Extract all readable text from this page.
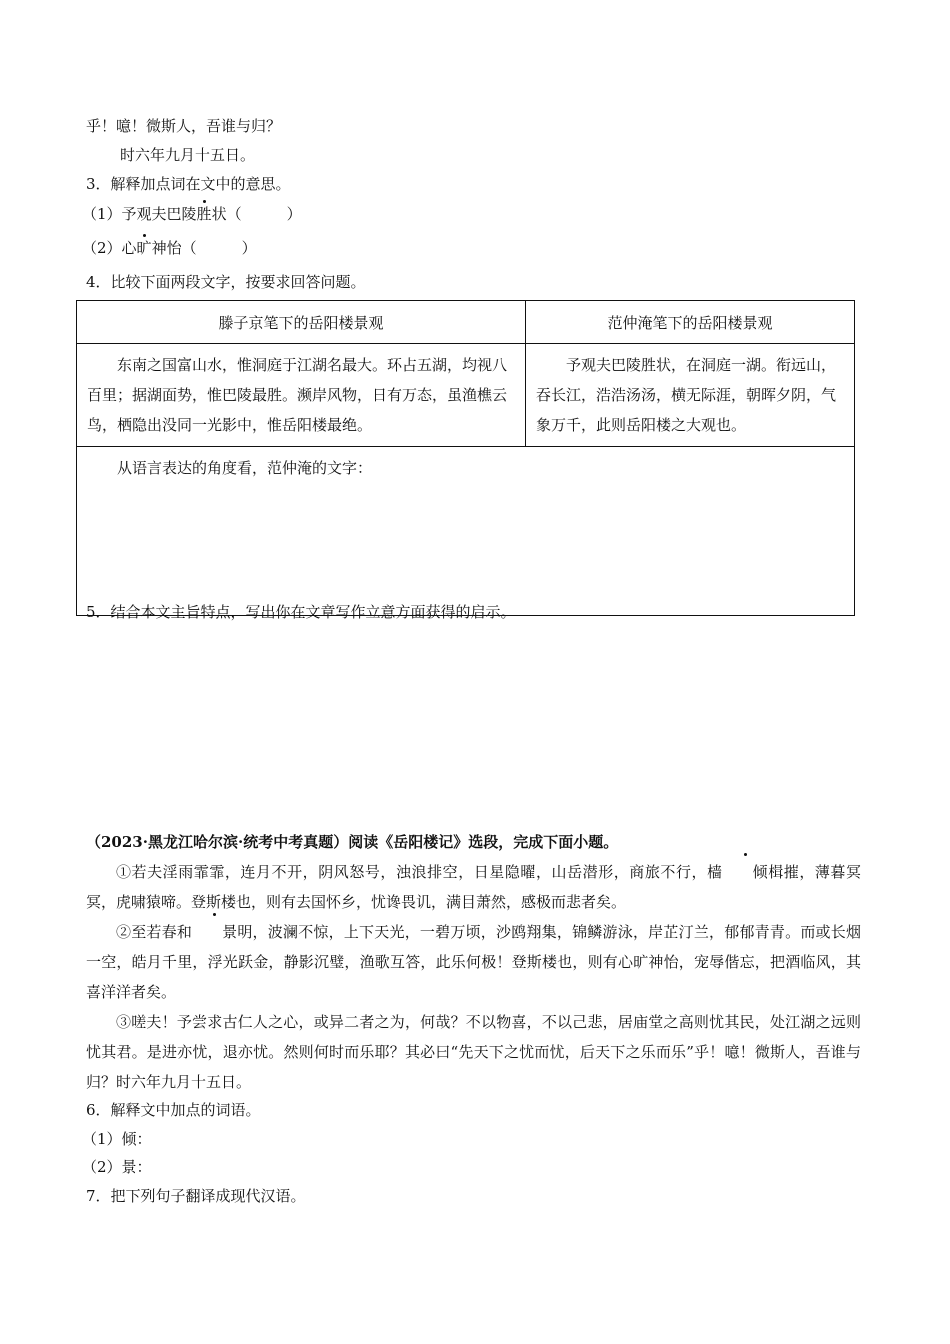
乎！噫！微斯人，吾谁与归？
时六年九月十五日。
3．解释加点词在文中的意思。
（1）予观夫巴陵胜状（　　　）
（2）心旷神怡（　　　）
4．比较下面两段文字，按要求回答问题。
滕子京笔下的岳阳楼景观	范仲淹笔下的岳阳楼景观
东南之国富山水，惟洞庭于江湖名最大。环占五湖，均视八百里；据湖面势，惟巴陵最胜。濒岸风物，日有万态，虽渔樵云鸟，栖隐出没同一光影中，惟岳阳楼最绝。	予观夫巴陵胜状，在洞庭一湖。衔远山，吞长江，浩浩汤汤，横无际涯，朝晖夕阴，气象万千，此则岳阳楼之大观也。
从语言表达的角度看，范仲淹的文字：	
5．结合本文主旨特点，写出你在文章写作立意方面获得的启示。
（2023·黑龙江哈尔滨·统考中考真题）阅读《岳阳楼记》选段，完成下面小题。
①若夫淫雨霏霏，连月不开，阴风怒号，浊浪排空，日星隐曜，山岳潜形，商旅不行，樯 倾楫摧，薄暮冥冥，虎啸猿啼。登斯楼也，则有去国怀乡，忧谗畏讥，满目萧然，感极而悲者矣。
②至若春和 景明，波澜不惊，上下天光，一碧万顷，沙鸥翔集，锦鳞游泳，岸芷汀兰，郁郁青青。而或长烟一空，皓月千里，浮光跃金，静影沉璧，渔歌互答，此乐何极！登斯楼也，则有心旷神怡，宠辱偕忘，把酒临风，其喜洋洋者矣。
③嗟夫！予尝求古仁人之心，或异二者之为，何哉？不以物喜，不以己悲，居庙堂之高则忧其民，处江湖之远则忧其君。是进亦忧，退亦忧。然则何时而乐耶？其必曰“先天下之忧而忧，后天下之乐而乐”乎！噫！微斯人，吾谁与归？时六年九月十五日。
6．解释文中加点的词语。
（1）倾：
（2）景：
7．把下列句子翻译成现代汉语。
